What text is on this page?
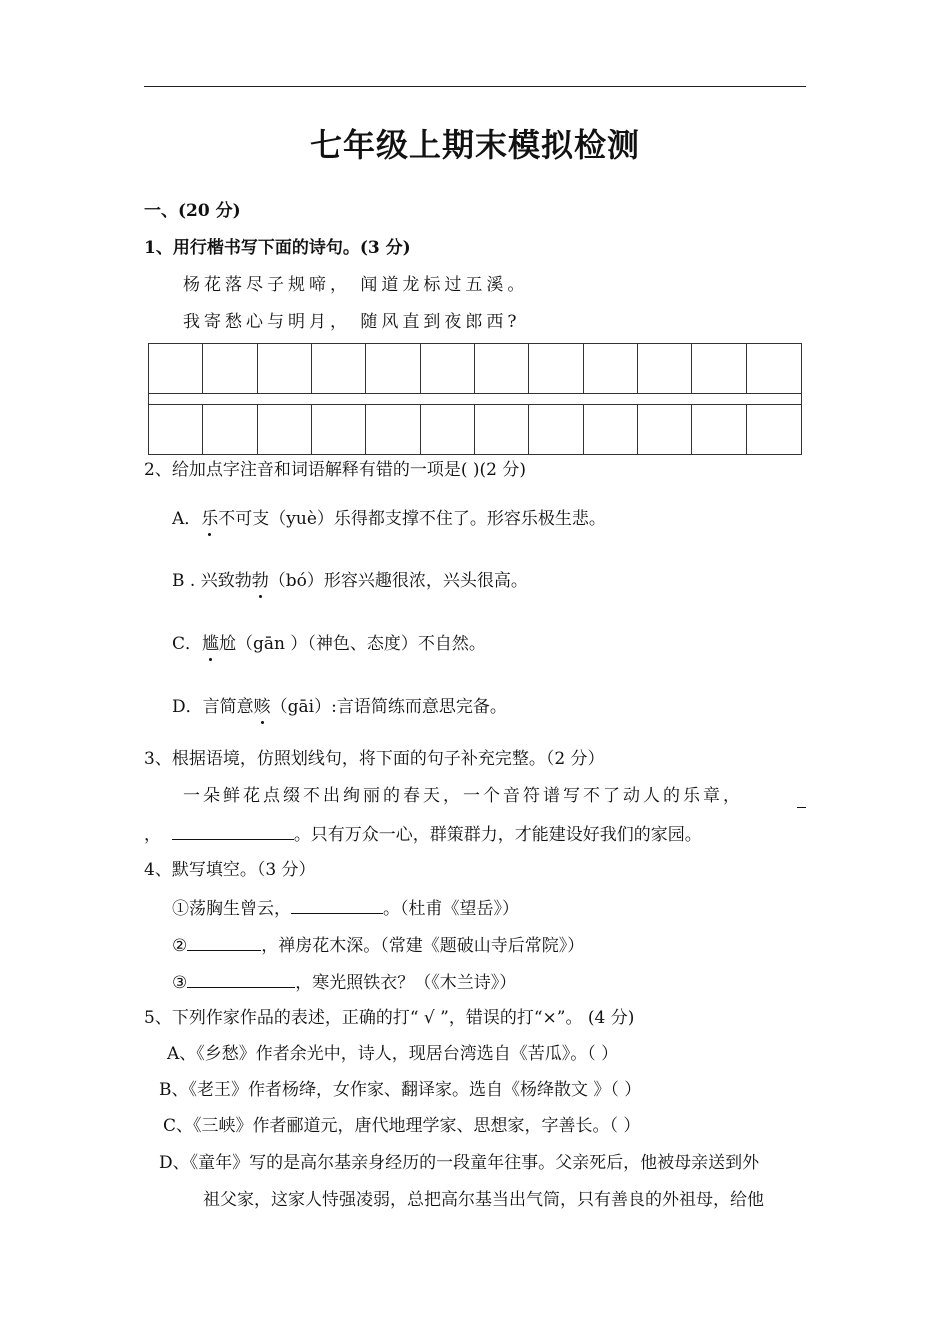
七年级上期末模拟检测
一、(20 分)
1、用行楷书写下面的诗句。(3 分)
杨花落尽子规啼， 闻道龙标过五溪。
我寄愁心与明月， 随风直到夜郎西?
2、给加点字注音和词语解释有错的一项是( )(2 分)
A．乐不可支（yuè）乐得都支撑不住了。形容乐极生悲。
B . 兴致勃勃（bó）形容兴趣很浓，兴头很高。
C．尴尬（gān ）（神色、态度）不自然。
D．言简意赅（gāi）:言语简练而意思完备。
3、根据语境，仿照划线句，将下面的句子补充完整。（2 分）
一朵鲜花点缀不出绚丽的春天，一个音符谱写不了动人的乐章，
，	。只有万众一心，群策群力，才能建设好我们的家园。
4、默写填空。（3 分）
①荡胸生曾云，	。（杜甫《望岳》）
②	，禅房花木深。（常建《题破山寺后常院》）
③	，寒光照铁衣？（《木兰诗》）
5、下列作家作品的表述，正确的打“ √ ”，错误的打“×”。 (4 分)
A、《乡愁》作者余光中，诗人，现居台湾选自《苦瓜》。（ ）
B、《老王》作者杨绛，女作家、翻译家。选自《杨绛散文 》（ ）
C、《三峡》作者郦道元，唐代地理学家、思想家，字善长。（ ）
D、《童年》写的是高尔基亲身经历的一段童年往事。父亲死后，他被母亲送到外
祖父家，这家人恃强凌弱，总把高尔基当出气筒，只有善良的外祖母，给他
